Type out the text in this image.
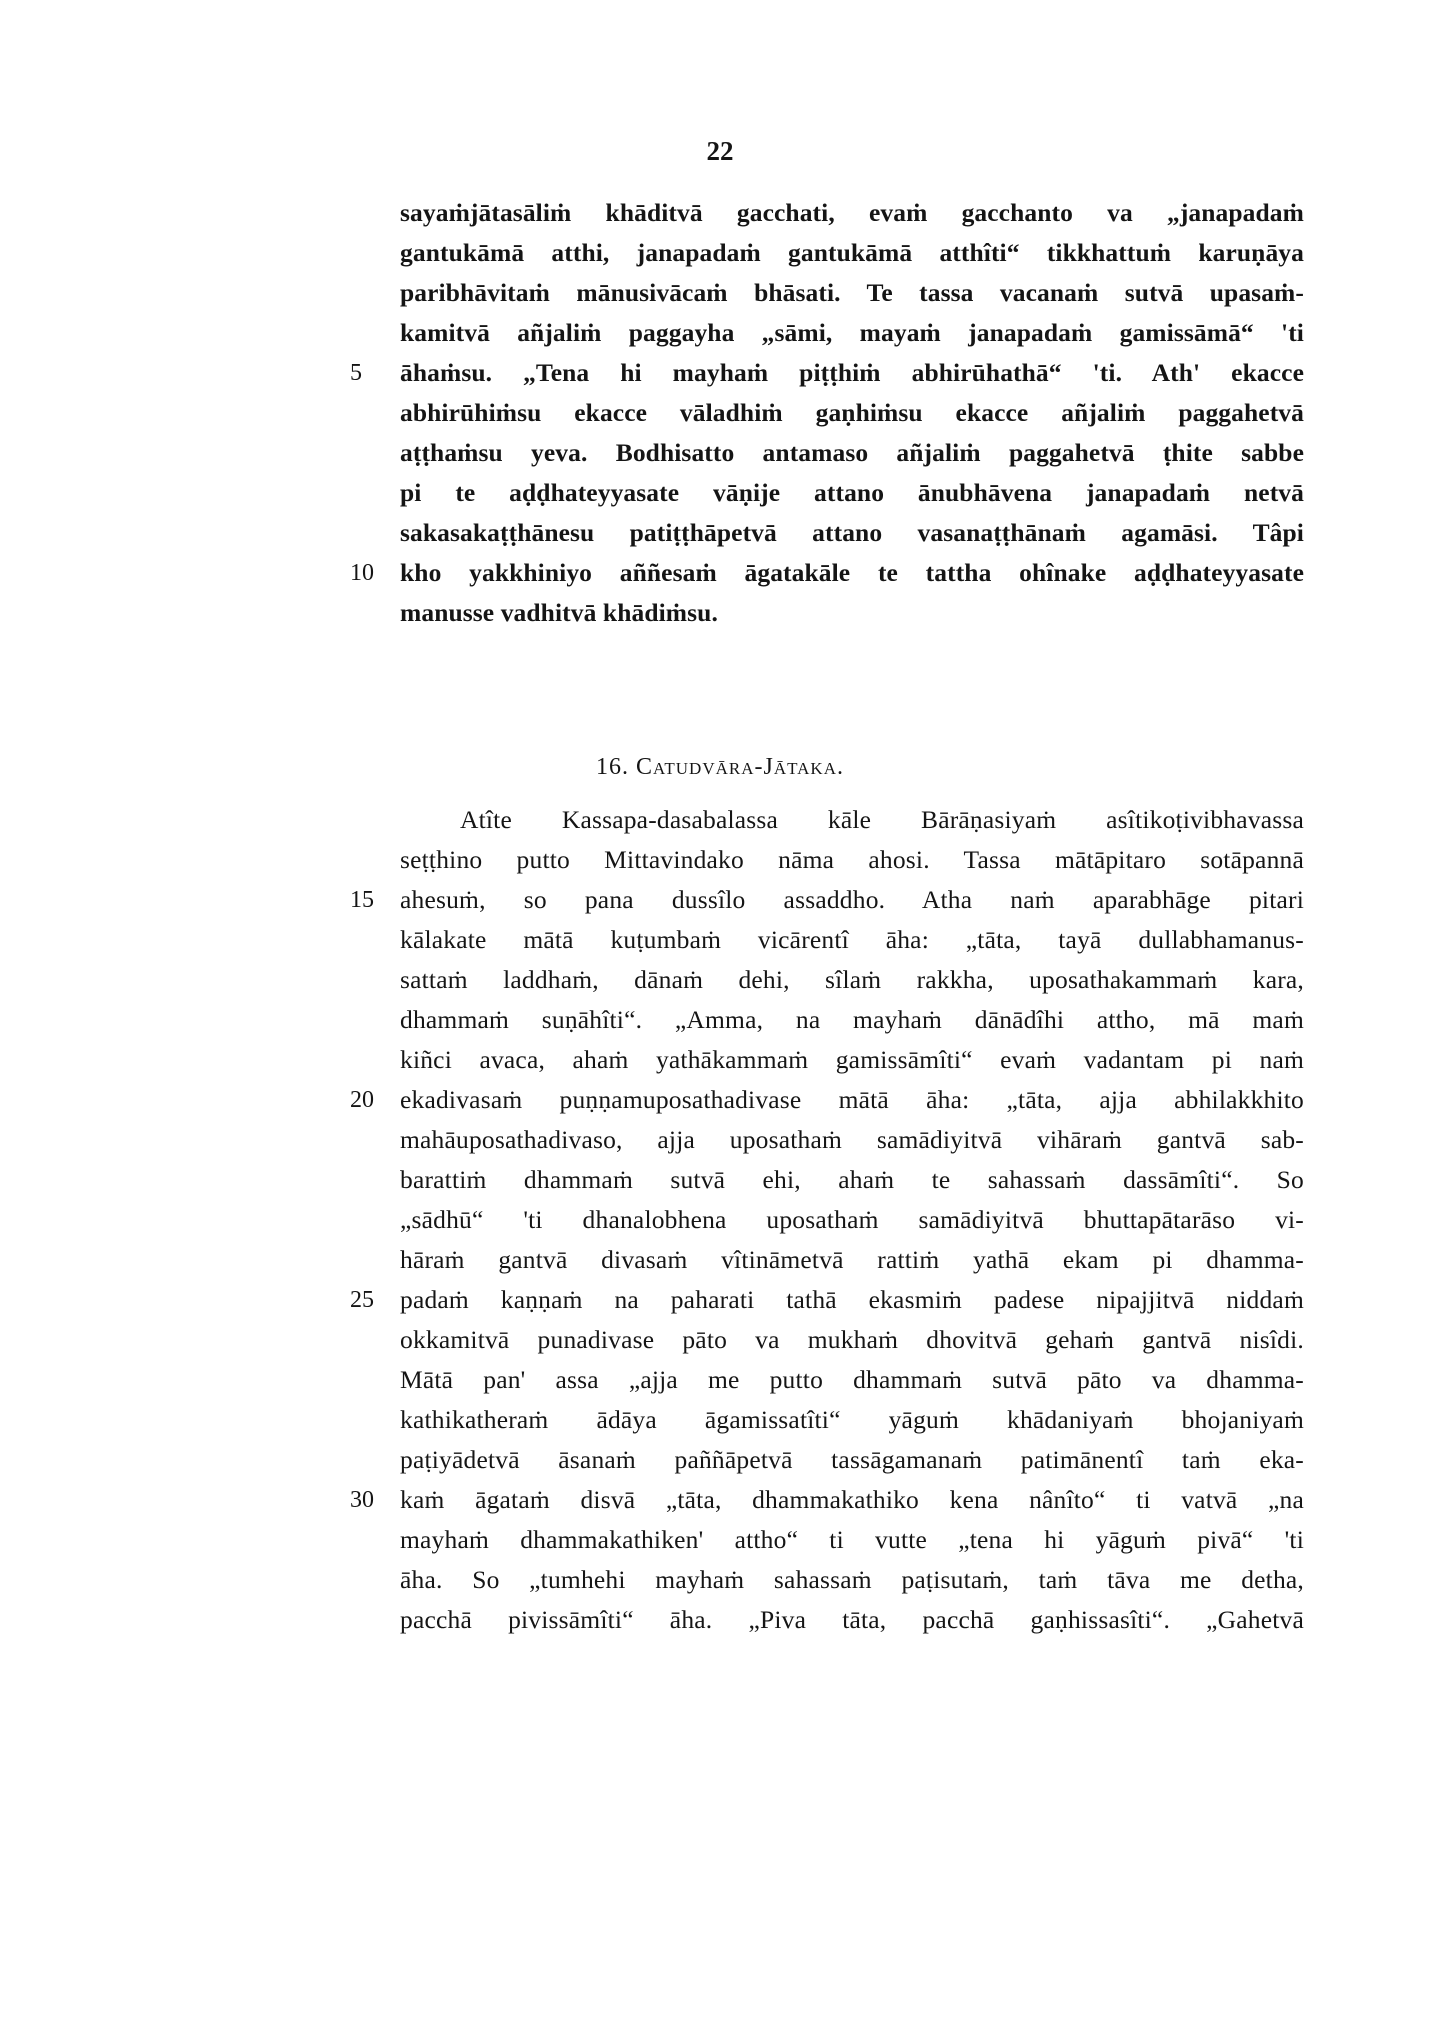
22
sayaṁjātasāliṁ khāditvā gacchati, evaṁ gacchanto va „janapadaṁ
gantukāmā atthi, janapadaṁ gantukāmā atthîti“ tikkhattuṁ karuṇāya
paribhāvitaṁ mānusivācaṁ bhāsati. Te tassa vacanaṁ sutvā upasaṁ-
kamitvā añjaliṁ paggayha „sāmi, mayaṁ janapadaṁ gamissāmā“ 'ti
5	āhaṁsu. „Tena hi mayhaṁ piṭṭhiṁ abhirūhathā“ 'ti. Ath' ekacce
abhirūhiṁsu ekacce vāladhiṁ gaṇhiṁsu ekacce añjaliṁ paggahetvā
aṭṭhaṁsu yeva. Bodhisatto antamaso añjaliṁ paggahetvā ṭhite sabbe
pi te aḍḍhateyyasate vāṇije attano ānubhāvena janapadaṁ netvā
sakasakaṭṭhānesu patiṭṭhāpetvā attano vasanaṭṭhānaṁ agamāsi. Tâpi
10	kho yakkhiniyo aññesaṁ āgatakāle te tattha ohînake aḍḍhateyyasate
manusse vadhitvā khādiṁsu.
16. Catudvāra-Jātaka.
Atîte Kassapa-dasabalassa kāle Bārāṇasiyaṁ asîtikoṭivibhavassa
seṭṭhino putto Mittavindako nāma ahosi. Tassa mātāpitaro sotāpannā
15	ahesuṁ, so pana dussîlo assaddho. Atha naṁ aparabhāge pitari
kālakate mātā kuṭumbaṁ vicārentî āha: „tāta, tayā dullabhamanus-
sattaṁ laddhaṁ, dānaṁ dehi, sîlaṁ rakkha, uposathakammaṁ kara,
dhammaṁ suṇāhîti“. „Amma, na mayhaṁ dānādîhi attho, mā maṁ
kiñci avaca, ahaṁ yathākammaṁ gamissāmîti“ evaṁ vadantam pi naṁ
20	ekadivasaṁ puṇṇamuposathadivase mātā āha: „tāta, ajja abhilakkhito
mahāuposathadivaso, ajja uposathaṁ samādiyitvā vihāraṁ gantvā sab-
barattiṁ dhammaṁ sutvā ehi, ahaṁ te sahassaṁ dassāmîti“. So
„sādhū“ 'ti dhanalobhena uposathaṁ samādiyitvā bhuttapātarāso vi-
hāraṁ gantvā divasaṁ vîtināmetvā rattiṁ yathā ekam pi dhamma-
25	padaṁ kaṇṇaṁ na paharati tathā ekasmiṁ padese nipajjitvā niddaṁ
okkamitvā punadivase pāto va mukhaṁ dhovitvā gehaṁ gantvā nisîdi.
Mātā pan' assa „ajja me putto dhammaṁ sutvā pāto va dhamma-
kathikatheraṁ ādāya āgamissatîti“ yāguṁ khādaniyaṁ bhojaniyaṁ
paṭiyādetvā āsanaṁ paññāpetvā tassāgamanaṁ patimānentî taṁ eka-
30	kaṁ āgataṁ disvā „tāta, dhammakathiko kena nânîto“ ti vatvā „na
mayhaṁ dhammakathiken' attho“ ti vutte „tena hi yāguṁ pivā“ 'ti
āha. So „tumhehi mayhaṁ sahassaṁ paṭisutaṁ, taṁ tāva me detha,
pacchā pivissāmîti“ āha. „Piva tāta, pacchā gaṇhissasîti“. „Gahetvā
